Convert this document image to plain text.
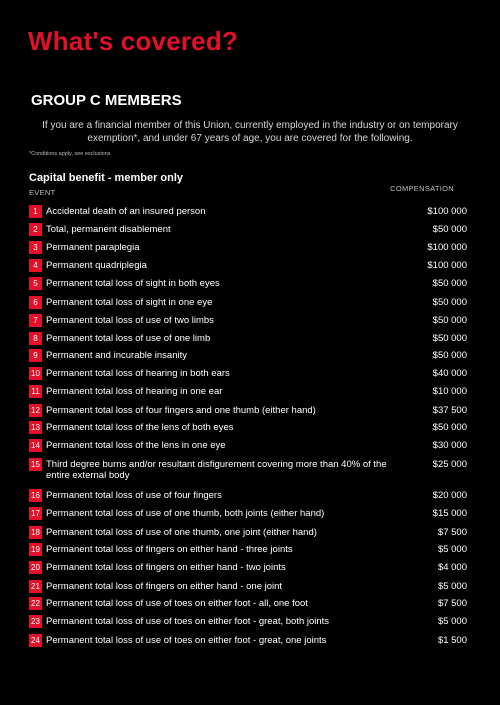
What's covered?
GROUP C MEMBERS
If you are a financial member of this Union, currently employed in the industry or on temporary exemption*, and under 67 years of age, you are covered for the following.
*Conditions apply, see exclusions
Capital benefit - member only
EVENT	COMPENSATION
1 Accidental death of an insured person	$100 000
2 Total, permanent disablement	$50 000
3 Permanent paraplegia	$100 000
4 Permanent quadriplegia	$100 000
5 Permanent total loss of sight in both eyes	$50 000
6 Permanent total loss of sight in one eye	$50 000
7 Permanent total loss of use of two limbs	$50 000
8 Permanent total loss of use of one limb	$50 000
9 Permanent and incurable insanity	$50 000
10 Permanent total loss of hearing in both ears	$40 000
11 Permanent total loss of hearing in one ear	$10 000
12 Permanent total loss of four fingers and one thumb (either hand)	$37 500
13 Permanent total loss of the lens of both eyes	$50 000
14 Permanent total loss of the lens in one eye	$30 000
15 Third degree burns and/or resultant disfigurement covering more than 40% of the entire external body
$25 000
16 Permanent total loss of use of four fingers	$20 000
17 Permanent total loss of use of one thumb, both joints (either hand)	$15 000
18 Permanent total loss of use of one thumb, one joint (either hand)	$7 500
19 Permanent total loss of fingers on either hand - three joints	$5 000
20 Permanent total loss of fingers on either hand - two joints	$4 000
21 Permanent total loss of fingers on either hand - one joint	$5 000
22 Permanent total loss of use of toes on either foot - all, one foot	$7 500
23 Permanent total loss of use of toes on either foot - great, both joints	$5 000
24 Permanent total loss of use of toes on either foot - great, one joints	$1 500
